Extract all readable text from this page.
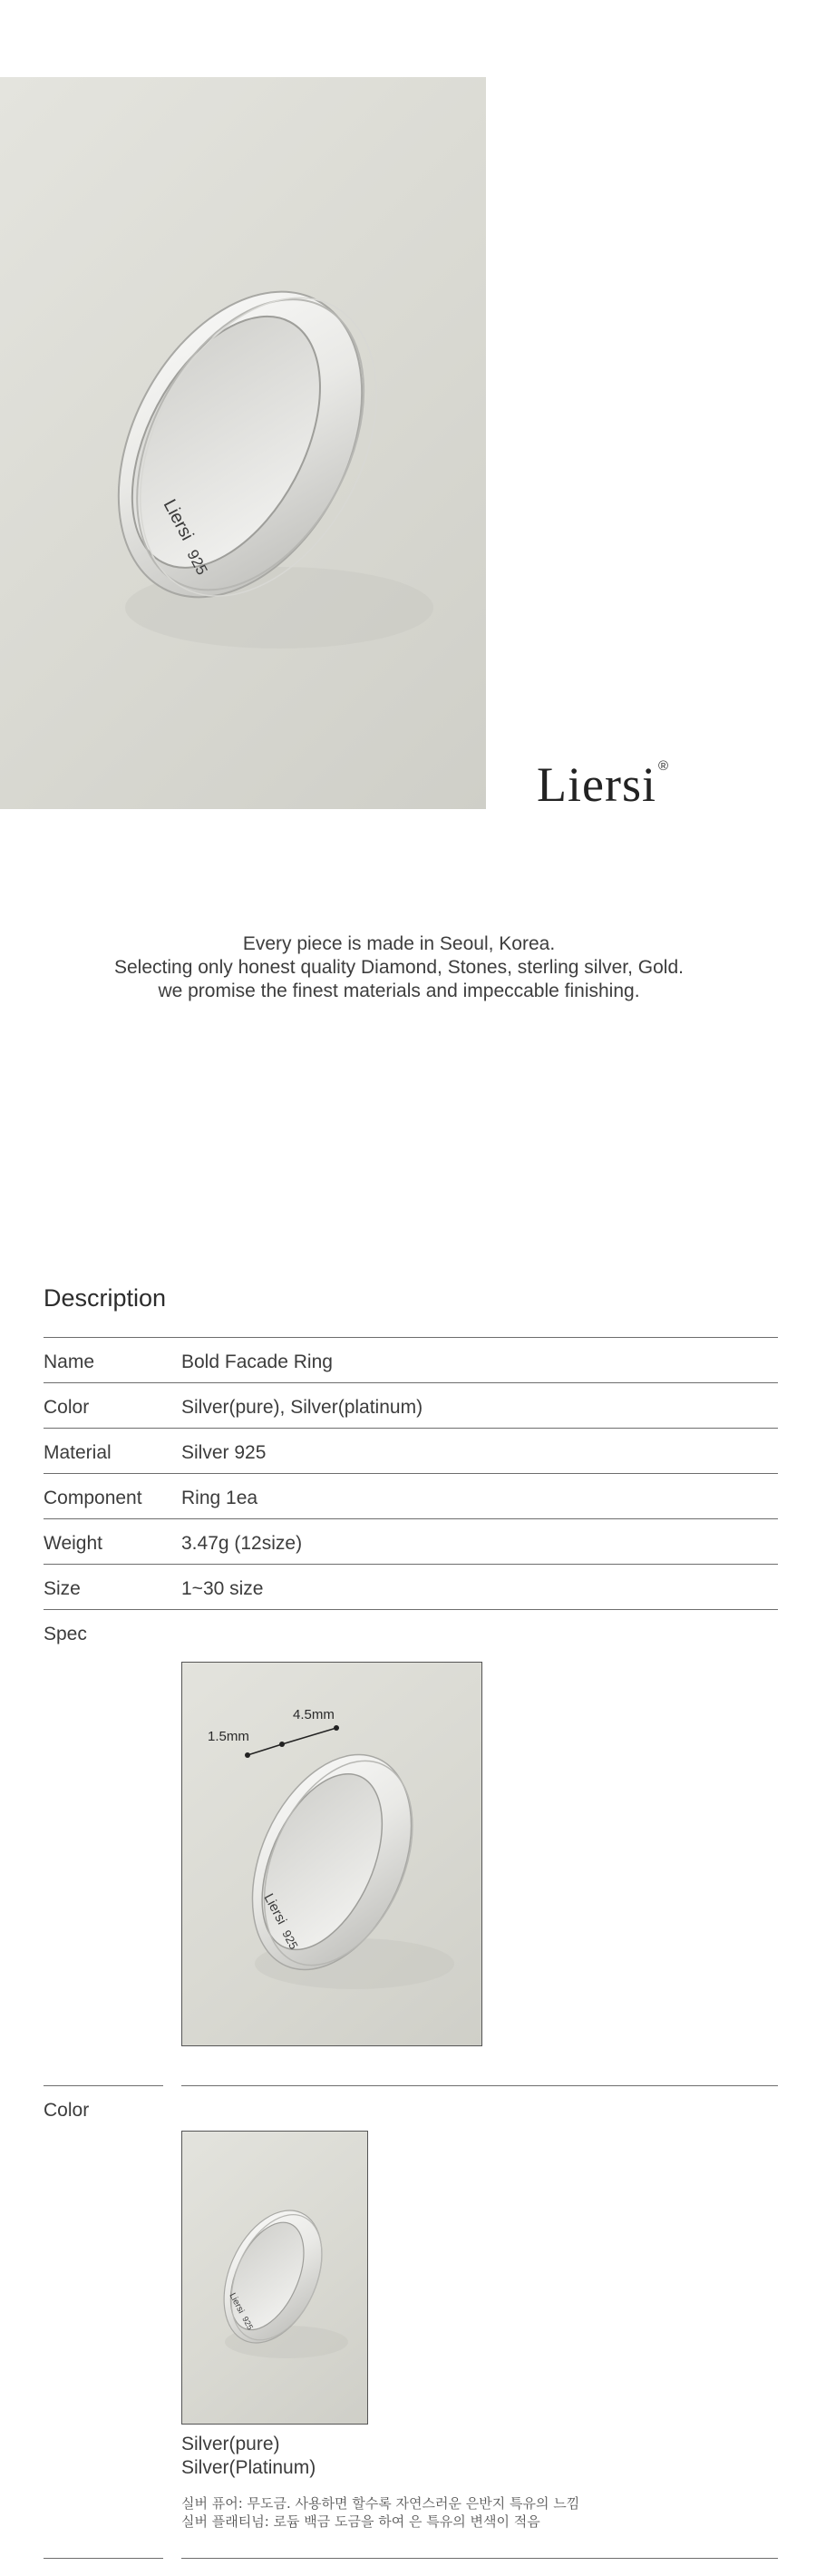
Liersi
925
Liersi ®

Every piece is made in Seoul, Korea.

Selecting only honest quality Diamond, Stones, sterling silver, Gold.

we promise the finest materials and impeccable finishing.

Description
Name	Bold Facade Ring
Color	Silver(pure), Silver(platinum)
Material	Silver 925
Component Ring 1ea
Weight	3.47g (12size)
Size	1~30 size
Spec
Liersi
925
1.5mm
4.5mm
Color
Liersi
925
Silver(pure)
Silver(Platinum)
실버 퓨어: 무도금. 사용하면 할수록 자연스러운 은반지 특유의 느낌
실버 플래티넘: 로듐 백금 도금을 하여 은 특유의 변색이 적음
